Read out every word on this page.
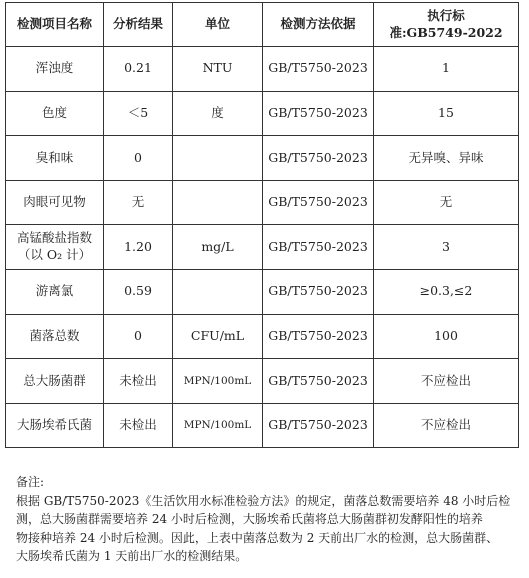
检测项目名称	分析结果	单位	检测方法依据	执行标
准:GB5749-2022

浑浊度	0.21	NTU	GB/T5750-2023	1
色度	＜5	度	GB/T5750-2023	15
臭和味	0		GB/T5750-2023	无异嗅、异味
肉眼可见物	无		GB/T5750-2023	无

高锰酸盐指数
（以 O₂ 计）	1.20	mg/L	GB/T5750-2023	3
游离氯	0.59		GB/T5750-2023	≥0.3,≤2
菌落总数	0	CFU/mL	GB/T5750-2023	100
总大肠菌群	未检出	MPN/100mL	GB/T5750-2023	不应检出
大肠埃希氏菌	未检出	MPN/100mL	GB/T5750-2023	不应检出

备注:

根据 GB/T5750-2023《生活饮用水标准检验方法》的规定，菌落总数需要培养 48 小时后检

测，总大肠菌群需要培养 24 小时后检测，大肠埃希氏菌将总大肠菌群初发酵阳性的培养

物接种培养 24 小时后检测。因此，上表中菌落总数为 2 天前出厂水的检测，总大肠菌群、

大肠埃希氏菌为 1 天前出厂水的检测结果。
